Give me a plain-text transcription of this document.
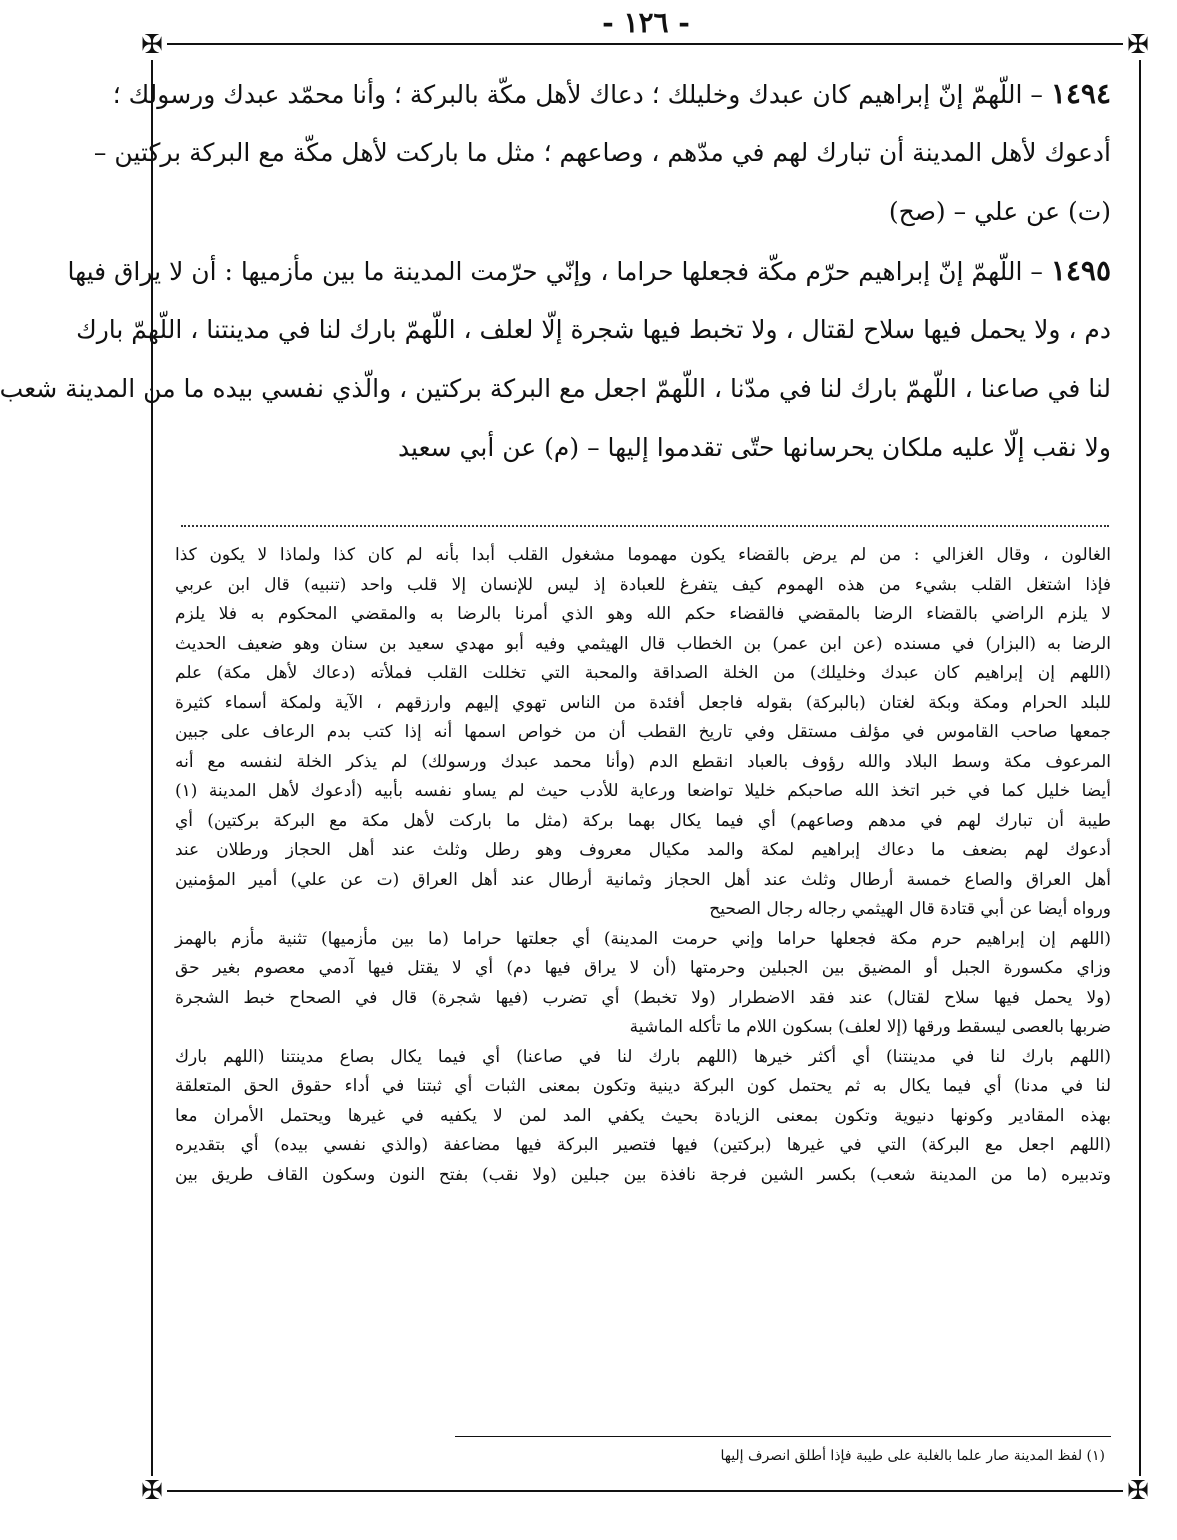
- ١٢٦ -
✠	✠
✠	✠
١٤٩٤ – اللّهمّ إنّ إبراهيم كان عبدك وخليلك ؛ دعاك لأهل مكّة بالبركة ؛ وأنا محمّد عبدك ورسولك ؛
أدعوك لأهل المدينة أن تبارك لهم في مدّهم ، وصاعهم ؛ مثل ما باركت لأهل مكّة مع البركة بركتين –
(ت) عن علي – (صح)
١٤٩٥ – اللّهمّ إنّ إبراهيم حرّم مكّة فجعلها حراما ، وإنّي حرّمت المدينة ما بين مأزميها : أن لا يراق فيها
دم ، ولا يحمل فيها سلاح لقتال ، ولا تخبط فيها شجرة إلّا لعلف ، اللّهمّ بارك لنا في مدينتنا ، اللّهمّ بارك
لنا في صاعنا ، اللّهمّ بارك لنا في مدّنا ، اللّهمّ اجعل مع البركة بركتين ، والّذي نفسي بيده ما من المدينة شعب
ولا نقب إلّا عليه ملكان يحرسانها حتّى تقدموا إليها – (م) عن أبي سعيد
الغالون ، وقال الغزالي : من لم يرض بالقضاء يكون مهموما مشغول القلب أبدا بأنه لم كان كذا ولماذا لا يكون كذا
فإذا اشتغل القلب بشيء من هذه الهموم كيف يتفرغ للعبادة إذ ليس للإنسان إلا قلب واحد (تنبيه) قال ابن عربي
لا يلزم الراضي بالقضاء الرضا بالمقضي فالقضاء حكم الله وهو الذي أمرنا بالرضا به والمقضي المحكوم به فلا يلزم
الرضا به (البزار) في مسنده (عن ابن عمر) بن الخطاب قال الهيثمي وفيه أبو مهدي سعيد بن سنان وهو ضعيف الحديث
(اللهم إن إبراهيم كان عبدك وخليلك) من الخلة الصداقة والمحبة التي تخللت القلب فملأته (دعاك لأهل مكة) علم
للبلد الحرام ومكة وبكة لغتان (بالبركة) بقوله فاجعل أفئدة من الناس تهوي إليهم وارزقهم ، الآية ولمكة أسماء كثيرة
جمعها صاحب القاموس في مؤلف مستقل وفي تاريخ القطب أن من خواص اسمها أنه إذا كتب بدم الرعاف على جبين
المرعوف مكة وسط البلاد والله رؤوف بالعباد انقطع الدم (وأنا محمد عبدك ورسولك) لم يذكر الخلة لنفسه مع أنه
أيضا خليل كما في خبر اتخذ الله صاحبكم خليلا تواضعا ورعاية للأدب حيث لم يساو نفسه بأبيه (أدعوك لأهل المدينة (١)
طيبة أن تبارك لهم في مدهم وصاعهم) أي فيما يكال بهما بركة (مثل ما باركت لأهل مكة مع البركة بركتين) أي
أدعوك لهم بضعف ما دعاك إبراهيم لمكة والمد مكيال معروف وهو رطل وثلث عند أهل الحجاز ورطلان عند
أهل العراق والصاع خمسة أرطال وثلث عند أهل الحجاز وثمانية أرطال عند أهل العراق (ت عن علي) أمير المؤمنين
ورواه أيضا عن أبي قتادة قال الهيثمي رجاله رجال الصحيح
(اللهم إن إبراهيم حرم مكة فجعلها حراما وإني حرمت المدينة) أي جعلتها حراما (ما بين مأزميها) تثنية مأزم بالهمز
وزاي مكسورة الجبل أو المضيق بين الجبلين وحرمتها (أن لا يراق فيها دم) أي لا يقتل فيها آدمي معصوم بغير حق
(ولا يحمل فيها سلاح لقتال) عند فقد الاضطرار (ولا تخبط) أي تضرب (فيها شجرة) قال في الصحاح خبط الشجرة
ضربها بالعصى ليسقط ورقها (إلا لعلف) بسكون اللام ما تأكله الماشية
(اللهم بارك لنا في مدينتنا) أي أكثر خيرها (اللهم بارك لنا في صاعنا) أي فيما يكال بصاع مدينتنا (اللهم بارك
لنا في مدنا) أي فيما يكال به ثم يحتمل كون البركة دينية وتكون بمعنى الثبات أي ثبتنا في أداء حقوق الحق المتعلقة
بهذه المقادير وكونها دنيوية وتكون بمعنى الزيادة بحيث يكفي المد لمن لا يكفيه في غيرها ويحتمل الأمران معا
(اللهم اجعل مع البركة) التي في غيرها (بركتين) فيها فتصير البركة فيها مضاعفة (والذي نفسي بيده) أي بتقديره
وتدبيره (ما من المدينة شعب) بكسر الشين فرجة نافذة بين جبلين (ولا نقب) بفتح النون وسكون القاف طريق بين
(١) لفظ المدينة صار علما بالغلبة على طيبة فإذا أطلق انصرف إليها
